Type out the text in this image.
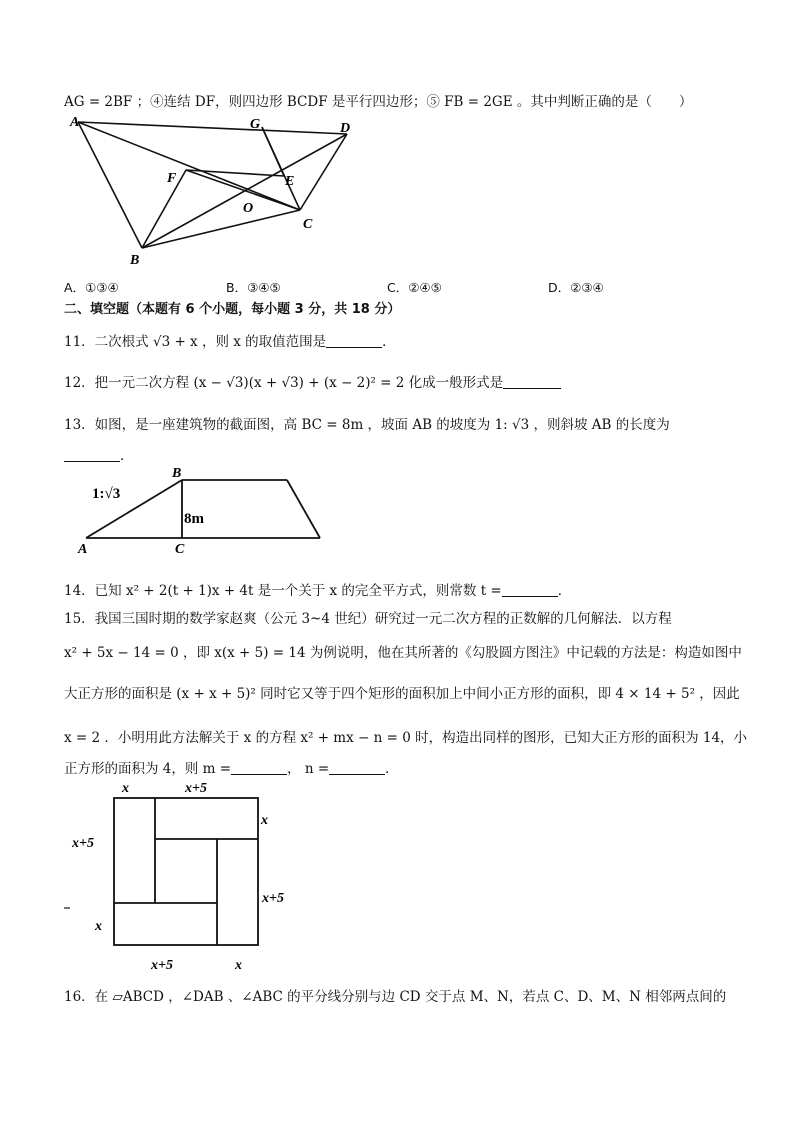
AG = 2BF ；④连结 DF，则四边形 BCDF 是平行四边形；⑤ FB = 2GE 。其中判断正确的是（　　）
A	G	D
F	E
O
C
B
A．①③④	B．③④⑤	C．②④⑤	D．②③④
二、填空题（本题有 6 个小题，每小题 3 分，共 18 分）
11．二次根式 √3 + x ，则 x 的取值范围是	．
12．把一元二次方程 (x − √3)(x + √3) + (x − 2)² = 2 化成一般形式是
13．如图，是一座建筑物的截面图，高 BC = 8m ，坡面 AB 的坡度为 1: √3 ，则斜坡 AB 的长度为
．
1:√3
B
8m
A	C
14．已知 x² + 2(t + 1)x + 4t 是一个关于 x 的完全平方式，则常数 t =	．
15．我国三国时期的数学家赵爽（公元 3~4 世纪）研究过一元二次方程的正数解的几何解法．以方程
x² + 5x − 14 = 0 ，即 x(x + 5) = 14 为例说明，他在其所著的《勾股圆方图注》中记载的方法是：构造如图中
大正方形的面积是 (x + x + 5)² 同时它又等于四个矩形的面积加上中间小正方形的面积，即 4 × 14 + 5² ，因此
x = 2 ．小明用此方法解关于 x 的方程 x² + mx − n = 0 时，构造出同样的图形，已知大正方形的面积为 14，小
正方形的面积为 4，则 m =	， n =	．
x	x+5
x
x+5
x+5
x
x+5	x
16．在 ▱ABCD ，∠DAB 、∠ABC 的平分线分别与边 CD 交于点 M、N，若点 C、D、M、N 相邻两点间的
